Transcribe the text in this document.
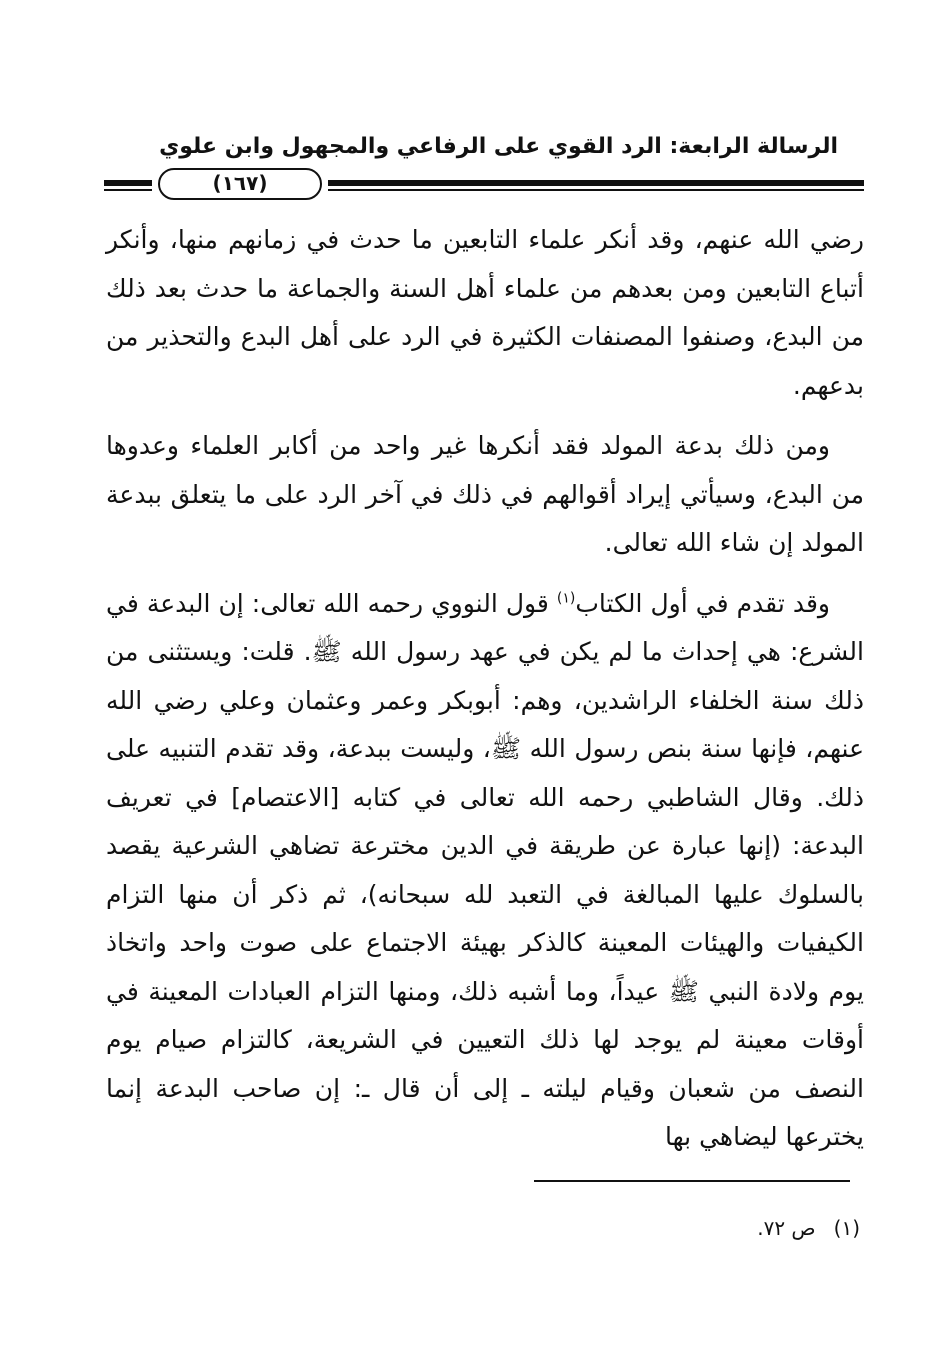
الرسالة الرابعة: الرد القوي على الرفاعي والمجهول وابن علوي
(١٦٧)

رضي الله عنهم، وقد أنكر علماء التابعين ما حدث في زمانهم منها، وأنكر أتباع التابعين ومن بعدهم من علماء أهل السنة والجماعة ما حدث بعد ذلك من البدع، وصنفوا المصنفات الكثيرة في الرد على أهل البدع والتحذير من بدعهم.

ومن ذلك بدعة المولد فقد أنكرها غير واحد من أكابر العلماء وعدوها من البدع، وسيأتي إيراد أقوالهم في ذلك في آخر الرد على ما يتعلق ببدعة المولد إن شاء الله تعالى.

وقد تقدم في أول الكتاب$^{(١)}$ قول النووي رحمه الله تعالى: إن البدعة في الشرع: هي إحداث ما لم يكن في عهد رسول الله ﷺ. قلت: ويستثنى من ذلك سنة الخلفاء الراشدين، وهم: أبوبكر وعمر وعثمان وعلي رضي الله عنهم، فإنها سنة بنص رسول الله ﷺ، وليست ببدعة، وقد تقدم التنبيه على ذلك. وقال الشاطبي رحمه الله تعالى في كتابه [الاعتصام] في تعريف البدعة: (إنها عبارة عن طريقة في الدين مخترعة تضاهي الشرعية يقصد بالسلوك عليها المبالغة في التعبد لله سبحانه)، ثم ذكر أن منها التزام الكيفيات والهيئات المعينة كالذكر بهيئة الاجتماع على صوت واحد واتخاذ يوم ولادة النبي ﷺ عيداً، وما أشبه ذلك، ومنها التزام العبادات المعينة في أوقات معينة لم يوجد لها ذلك التعيين في الشريعة، كالتزام صيام يوم النصف من شعبان وقيام ليلته ـ إلى أن قال ـ: إن صاحب البدعة إنما يخترعها ليضاهي بها

(١)ص ٧٢.
